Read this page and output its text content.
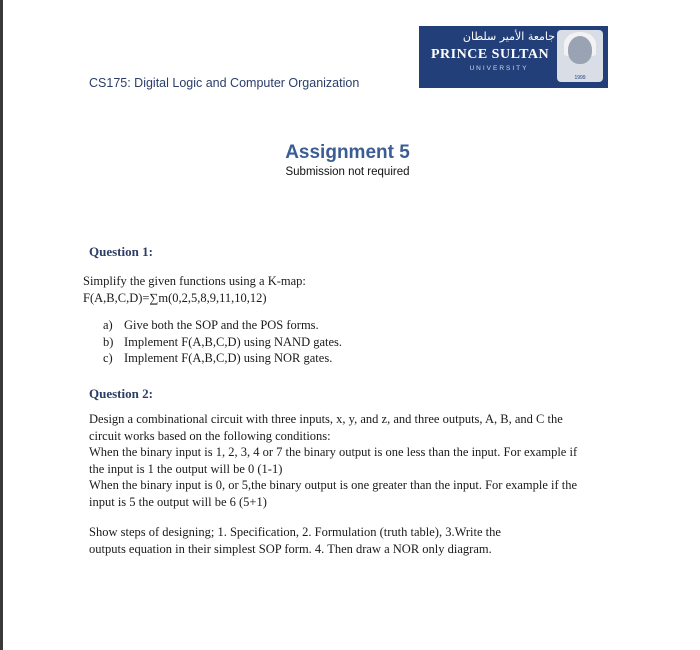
CS175: Digital Logic and Computer Organization
جامعة الأمير سلطان
PRINCE SULTAN
UNIVERSITY
1999
Assignment 5
Submission not required
Question 1:
Simplify the given functions using a K-map:
F(A,B,C,D)=∑m(0,2,5,8,9,11,10,12)
a) Give both the SOP and the POS forms.
b) Implement F(A,B,C,D) using NAND gates.
c) Implement F(A,B,C,D) using NOR gates.
Question 2:
Design a combinational circuit with three inputs, x, y, and z, and three outputs, A, B, and C the
circuit works based on the following conditions:
When the binary input is 1, 2, 3, 4 or 7 the binary output is one less than the input. For example if
the input is 1 the output will be 0 (1-1)
When the binary input is 0, or 5,the binary output is one greater than the input. For example if the
input is 5 the output will be 6 (5+1)
Show steps of designing; 1. Specification, 2. Formulation (truth table), 3.Write the
outputs equation in their simplest SOP form. 4. Then draw a NOR only diagram.
